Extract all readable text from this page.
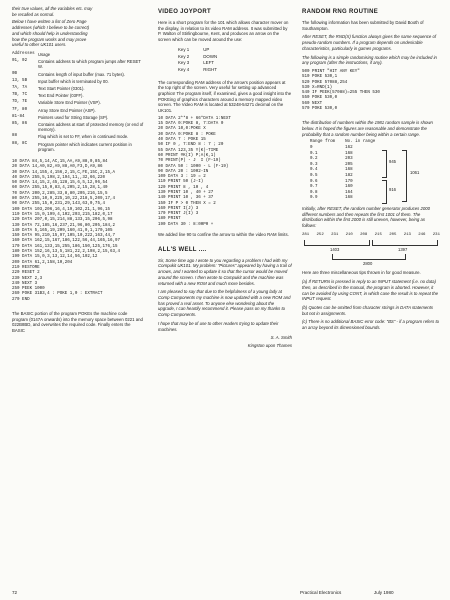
their true values, all the variables etc. may
be recalled as normal.
Below I have written a list of Zero Page
addresses (which I believe to be correct)
and which should help in understanding
how the program works and may prove
useful to other UK101 users.
Addresses	Usage
01, 02	Contains address to which program jumps after RESET W.
0B	Contains length of input buffer (max. 71 bytes).
13, 5B	Input buffer which is terminated by 00.
7A, 7A	Text Start Pointer (0301).
7B, 7C	Text End Pointer (03FF).
7D, 7E	Variable Store End Pointer (VSP).
7F, 80	Array Store End Pointer (ASP).
81-84	Pointers used for String Storage (SP).
85, 86	Contains address at start of protected memory (or end of memory).
88	Flag which is set to FF, when in continued mode.
88, 8C	Program pointer which indicates current position in program.
10 DATA 84,5,14,AC,15,AA,A9,88,0,85,84
20 DATA 14,A0,82,A9,88,A0,F3,D,A9,86
30 DATA 14,155,4,156,2,15,C,FE,15C,2,15,A
40 DATA 255,5,198,2,194,11,,32,66,220
50 DATA 14,15,2,45,128,15,6,5,12,96,54
60 DATA 255,15,0,83,4,205,2,15,28,1,40
70 DATA 200,2,285,33,8,80,205,216,15,5
80 DATA 255,10,9,225,10,22,218,5,209,17,4
90 DATA 255,15,0,231,29,143,63,0,75,4
100 DATA 103,206,16,4,19,102,21,1,96,15
110 DATA 15,0,199,4,102,203,215,182,0,17
120 DATA 207,0,15,214,88,133,15,206,5,98
130 DATA 72,185,16,237,21,96,80,205,184,2
140 DATA 5,165,19,209,160,41,0,1,170,105
150 DATA 95,210,15,97,105,10,222,163,44,7
160 DATA 162,15,167,186,122,56,44,165,16,97
170 DATA 161,133,15,255,186,150,125,176,15
180 DATA 152,16,13,5,181,22,2,198,2,15,63,4
190 DATA 15,0,3,13,12,14,56,102,12
200 DATA 61,2,158,10,204
210 RESTORE
220 RESET 2
230 NEXT 2,3
240 NEXT 3
250 PEEK 1000
260 POKE 31B3,4 : POKE 1,0 : EXTRACT
270 END

The BASIC portion of the program POKEs the machine code program (0147A onwards) into the memory space between 0221 and 022B8BD, and overwrites the required code. Finally enters the BASIC

VIDEO JOYPORT

Here is a short program for the 101 which allows character mover on the display, in relation to its video RAM address. It was submitted by P. Walton of Stirlingbourne, Kent, and produces an arrow on the screen which can be moved around the use:

Key 1	UP
Key 2	DOWN
Key 3	LEFT
Key 4	RIGHT

The corresponding RAM address of the arrow's position appears at the top right of the screen. Very useful for setting up advanced graphics! The program itself, if examined, gives a good insight into the POKEing of graphics characters around a memory mapped video screen. The Video RAM is located at 53248-54271 decimal on the UK101.

10 DATA 2**8 + 66*DATA 1:NEXT
15 DATA 0:POKE 8, 7:DATA 0
20 DATA 10,0:POKE X
30 DATA 0:POKE 8 : POKE
40 DATA 7 : POKE 15
50 IF 0 , 7:END 8 : 7 ; 20
55 DATA 123,35 Y(K)-TIME
60 PRINT #K(I) P;A(K,1)
70 PRINT(P) - J  I (F-19)
80 DATA 50 : 1000 - L (F-19)
90 DATA 20 : 1002-IN
100 DATA 3 : 19 = 2
110 PRINT 50 (J-I)
120 PRINT 8 , 10 , 4
130 PRINT 10 , 40 + 27
140 PRINT 10 , 36 + 37
150 IF P > 0 THEN X = 2
160 PRINT I(J) 3
170 PRINT J(I) 3
180 PRINT
190 DATA 30 : 8:00P0 +

We added line 90 to confine the arrow to within the video RAM limits.

ALL'S WELL ....

Sir, Some time ago I wrote to you regarding a problem I had with my Compukit UK101. My problem: "Pictures" appeared by having a trail of arrows, and I wanted to update it so that the cursor would be moved around the screen. I then wrote to Compukit and the machine was returned with a new ROM and much more besides.

I am pleased to say that due to the helpfulness of a young lady at Comp Components my machine is now updated with a new ROM and has proved a real asset. To anyone else wondering about the upgrade, I can heartily recommend it. Please pass on my thanks to Comp Components.

I hope that may be of use to other readers trying to update their machines.

S. A. Smith
Kingston upon Thames
RANDOM RNG ROUTINE

The following information has been submitted by David Booth of Southampton.

After RESET, the RND(X) function always gives the same sequence of pseudo-random numbers. If a program depends on undesirable characteristics, particularly in games programs.

The following is a simple randomising routine which may be included in any program (after the instructions, if any).

500 PRINT "HIT ANY KEY"
510 POKE 530,1
520 POKE 57088,254
530 X=RND(1)
540 IF PEEK(57088)=255 THEN 530
550 POKE 530,0
560 NEXT
570 POKE 530,0

The distribution of numbers within the 1981 random sample is shown below. It is hoped the figures are reasonable and demonstrate the probability that a random number being within a certain range.

Range from	No. in range
0	162
0.1	168
0.2	203
0.3	205
0.4	168
0.5	182
0.6	170
0.7	160
0.8	164
0.9	168
945
1061
916

Initially, after RESET, the random number generator produces 2000 different numbers and then repeats the first 1001 of them. The distribution within the first 2000 is still uneven, however, being as follows:

281 252 231 210 208 215 205 213 246 231
1403	1397
2800

Here are three miscellaneous tips thrown in for good measure.

(a) If RETURN is pressed in reply to an INPUT statement (i.e. no data) then, as described in the manual, the program is aborted. However, it can be avoided by using CONT, in which case the result is to repeat the INPUT request.

(b) Quotes can be omitted from character strings in DATA statements but not in assignments.

(c) There is no additional BASIC error code: "BS" - if a program refers to an array beyond its dimensioned bounds.

72	Practical Electronics	July 1980
